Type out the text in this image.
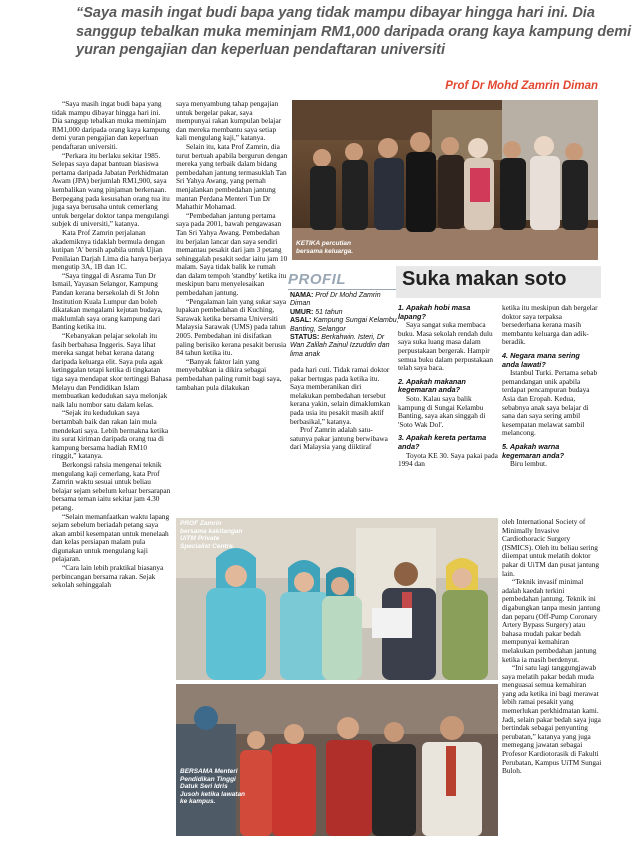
“Saya masih ingat budi bapa yang tidak mampu dibayar hingga hari ini. Dia sanggup tebalkan muka meminjam RM1,000 daripada orang kaya kampung demi yuran pengajian dan keperluan pendaftaran universiti
Prof Dr Mohd Zamrin Diman

“Saya masih ingat budi bapa yang tidak mampu dibayar hingga hari ini. Dia sanggup tebalkan muka meminjam RM1,000 daripada orang kaya kampung demi yuran pengajian dan keperluan pendaftaran universiti.

“Perkara itu berlaku sekitar 1985. Selepas saya dapat bantuan biasiswa pertama daripada Jabatan Perkhidmatan Awam (JPA) berjumlah RM1,900, saya kembalikan wang pinjaman berkenaan. Berpegang pada kesusahan orang tua itu juga saya berusaha untuk cemerlang untuk bergelar doktor tanpa mengulangi subjek di universiti,” katanya.

Kata Prof Zamrin perjalanan akademiknya tidaklah bermula dengan kutipan 'A' bersih apabila untuk Ujian Penilaian Darjah Lima dia hanya berjaya mengutip 3A, 1B dan 1C.

“Saya tinggal di Asrama Tun Dr Ismail, Yayasan Selangor, Kampung Pandan kerana bersekolah di St John Institution Kuala Lumpur dan boleh dikatakan mengalami kejutan budaya, maklumlah saya orang kampung dari Banting ketika itu.

“Kebanyakan pelajar sekolah itu fasih berbahasa Inggeris. Saya lihat mereka sangat hebat kerana datang daripada keluarga elit. Saya pula agak ketinggalan tetapi ketika di tingkatan tiga saya mendapat skor tertinggi Bahasa Melayu dan Pendidikan Islam membuatkan kedudukan saya melonjak naik lalu nombor satu dalam kelas.

“Sejak itu kedudukan saya bertambah baik dan rakan lain mula mendekati saya. Lebih bermakna ketika itu surat kiriman daripada orang tua di kampung bersama hadiah RM10 ringgit,” katanya.

Berkongsi rahsia mengenai teknik mengulang kaji cemerlang, kata Prof Zamrin waktu sesuai untuk beliau belajar sejam sebelum keluar bersarapan bersama teman iaitu sekitar jam 4.30 petang.

“Selain memanfaatkan waktu lapang sejam sebelum beriadah petang saya akan ambil kesempatan untuk menelaah dan kelas persiapan malam pula digunakan untuk mengulang kaji pelajaran.

“Cara lain lebih praktikal biasanya perbincangan bersama rakan. Sejak sekolah sehinggalah

saya menyambung tahap pengajian untuk bergelar pakar, saya mempunyai rakan kumpulan belajar dan mereka membantu saya setiap kali mengulang kaji,” katanya.

Selain itu, kata Prof Zamrin, dia turut bertuah apabila bergurun dengan mereka yang terbaik dalam bidang pembedahan jantung termasuklah Tan Sri Yahya Awang, yang pernah menjalankan pembedahan jantung mantan Perdana Menteri Tun Dr Mahathir Mohamad.

“Pembedahan jantung pertama saya pada 2001, bawah pengawasan Tan Sri Yahya Awang. Pembedahan itu berjalan lancar dan saya sendiri memantau pesakit dari jam 3 petang sehinggalah pesakit sedar iaitu jam 10 malam. Saya tidak balik ke rumah dan dalam tempoh 'standby' ketika itu meskipun baru menyelesaikan pembedahan jantung.

“Pengalaman lain yang sukar saya lupakan pembedahan di Kuching, Sarawak ketika bersama Universiti Malaysia Sarawak (UMS) pada tahun 2005. Pembedahan ini disifatkan paling berisiko kerana pesakit berusia 84 tahun ketika itu.

“Banyak faktor lain yang menyebabkan ia dikira sebagai pembedahan paling rumit bagi saya, tambahan pula dilakukan

KETIKA percutian bersama keluarga.
PROFIL
NAMA: Prof Dr Mohd Zamrin Diman
UMUR: 51 tahun
ASAL: Kampung Sungai Kelambu, Banting, Selangor
STATUS: Berkahwin. Isteri, Dr Wan Zalilah Zainul Izzuddin dan lima anak

pada hari cuti. Tidak ramai doktor pakar bertugas pada ketika itu. Saya memberanikan diri melakukan pembedahan tersebut kerana yakin, selain dimaklumkan pada usia itu pesakit masih aktif berbasikal,” katanya.

Prof Zamrin adalah satu-satunya pakar jantung berwibawa dari Malaysia yang diiktiraf

Suka makan soto
1. Apakah hobi masa lapang?
Saya sangat suka membaca buku. Masa sekolah rendah dulu saya suka luang masa dalam perpustakaan bergerak. Hampir semua buku dalam perpustakaan telah saya baca.
2. Apakah makanan kegemaran anda?
Soto. Kalau saya balik kampung di Sungai Kelambu Banting, saya akan singgah di 'Soto Wak Dol'.
3. Apakah kereta pertama anda?
Toyota KE 30. Saya pakai pada 1994 dan
ketika itu meskipun dah bergelar doktor saya terpaksa bersederhana kerana masih membantu keluarga dan adik-beradik.
4. Negara mana sering anda lawati?
Istanbul Turki. Pertama sebab pemandangan unik apabila terdapat pencampuran budaya Asia dan Eropah. Kedua, sebabnya anak saya belajar di sana dan saya sering ambil kesempatan melawat sambil melancong.
5. Apakah warna kegemaran anda?
Biru lembut.
PROF Zamrin bersama kakitangan UiTM Private Specialist Centre.
BERSAMA Menteri Pendidikan Tinggi Datuk Seri Idris Jusoh ketika lawatan ke kampus.

oleh International Society of Minimally Invasive Cardiothoracic Surgery (ISMICS). Oleh itu beliau sering diiempat untuk melatih doktor pakar di UiTM dan pusat jantung lain.

“Teknik invasif minimal adalah kaedah terkini pembedahan jantung. Teknik ini digabungkan tanpa mesin jantung dan peparu (Off-Pump Coronary Artery Bypass Surgery) atau bahasa mudah pakar bedah mempunyai kemahiran melakukan pembedahan jantung ketika ia masih berdenyut.

“Ini satu lagi tanggungjawab saya melatih pakar bedah muda menguasai semua kemahiran yang ada ketika ini bagi merawat lebih ramai pesakit yang memerlukan perkhidmatan kami. Jadi, selain pakar bedah saya juga bertindak sebagai penyunting perubatan,” katanya yang juga memegang jawatan sebagai Profesor Kardiotorasik di Fakulti Perubatan, Kampus UiTM Sungai Buloh.
